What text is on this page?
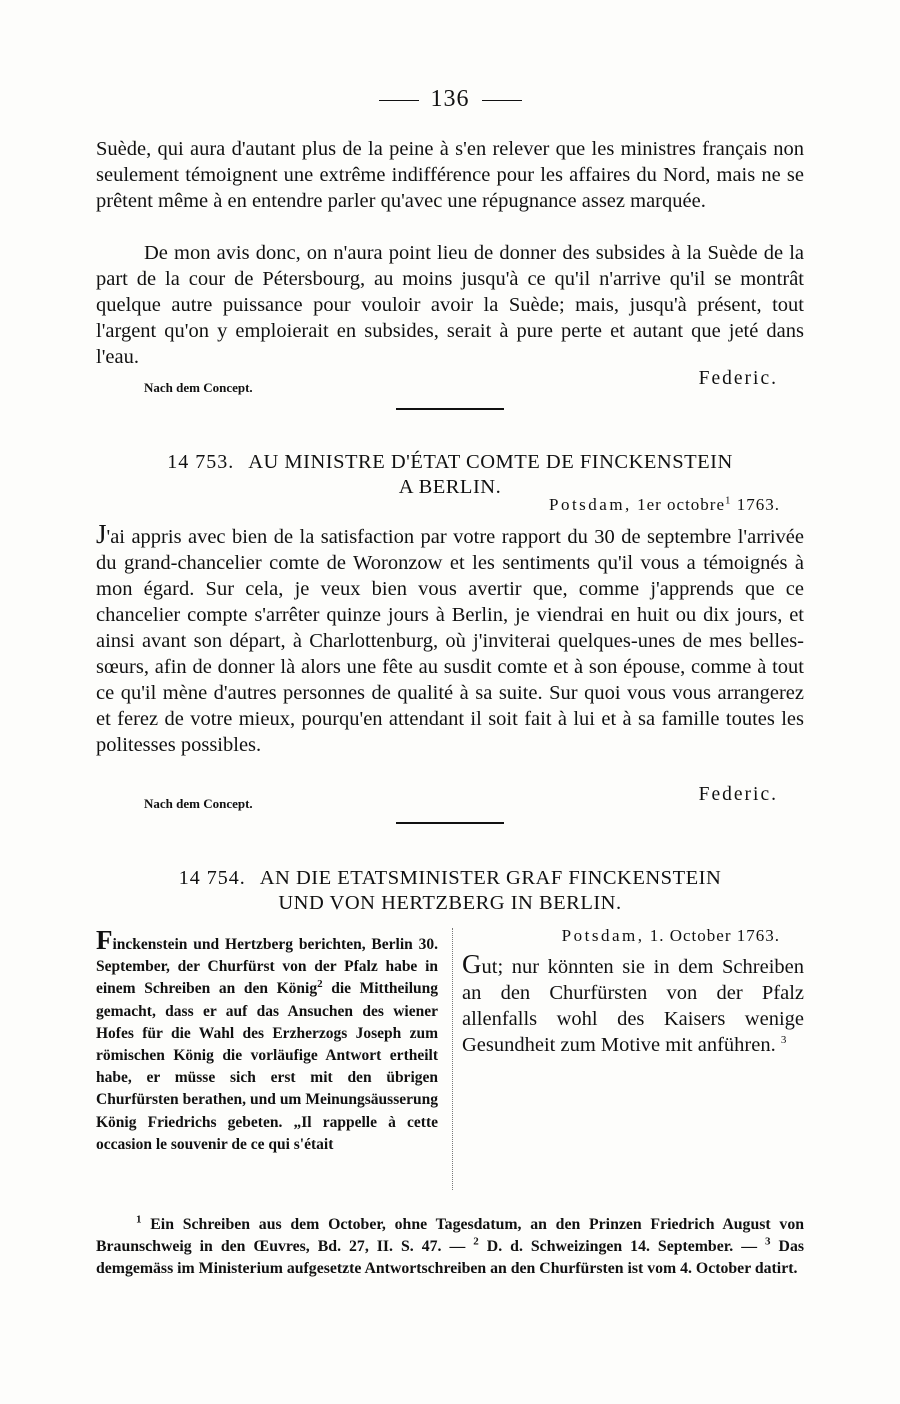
136
Suède, qui aura d'autant plus de la peine à s'en relever que les ministres français non seulement témoignent une extrême indifférence pour les affaires du Nord, mais ne se prêtent même à en entendre parler qu'avec une répugnance assez marquée.
De mon avis donc, on n'aura point lieu de donner des subsides à la Suède de la part de la cour de Pétersbourg, au moins jusqu'à ce qu'il n'arrive qu'il se montrât quelque autre puissance pour vouloir avoir la Suède; mais, jusqu'à présent, tout l'argent qu'on y emploierait en subsides, serait à pure perte et autant que jeté dans l'eau.
Nach dem Concept.	Federic.
14 753. AU MINISTRE D'ÉTAT COMTE DE FINCKENSTEIN
A BERLIN.
Potsdam, 1er octobre$^1$ 1763.
J'ai appris avec bien de la satisfaction par votre rapport du 30 de septembre l'arrivée du grand-chancelier comte de Woronzow et les sentiments qu'il vous a témoignés à mon égard. Sur cela, je veux bien vous avertir que, comme j'apprends que ce chancelier compte s'arrêter quinze jours à Berlin, je viendrai en huit ou dix jours, et ainsi avant son départ, à Charlottenburg, où j'inviterai quelques-unes de mes belles-sœurs, afin de donner là alors une fête au susdit comte et à son épouse, comme à tout ce qu'il mène d'autres personnes de qualité à sa suite. Sur quoi vous vous arrangerez et ferez de votre mieux, pourqu'en attendant il soit fait à lui et à sa famille toutes les politesses possibles.
Nach dem Concept.	Federic.
14 754. AN DIE ETATSMINISTER GRAF FINCKENSTEIN
UND VON HERTZBERG IN BERLIN.
Finckenstein und Hertzberg berichten, Berlin 30. September, der Churfürst von der Pfalz habe in einem Schreiben an den König$^2$ die Mittheilung gemacht, dass er auf das Ansuchen des wiener Hofes für die Wahl des Erzherzogs Joseph zum römischen König die vorläufige Antwort ertheilt habe, er müsse sich erst mit den übrigen Churfürsten berathen, und um Meinungsäusserung König Friedrichs gebeten. „Il rappelle à cette occasion le souvenir de ce qui s'était
Potsdam, 1. October 1763.
Gut; nur könnten sie in dem Schreiben an den Churfürsten von der Pfalz allenfalls wohl des Kaisers wenige Gesundheit zum Motive mit anführen. $^3$
$^1$ Ein Schreiben aus dem October, ohne Tagesdatum, an den Prinzen Friedrich August von Braunschweig in den Œuvres, Bd. 27, II. S. 47. — $^2$ D. d. Schweizingen 14. September. — $^3$ Das demgemäss im Ministerium aufgesetzte Antwortschreiben an den Churfürsten ist vom 4. October datirt.
